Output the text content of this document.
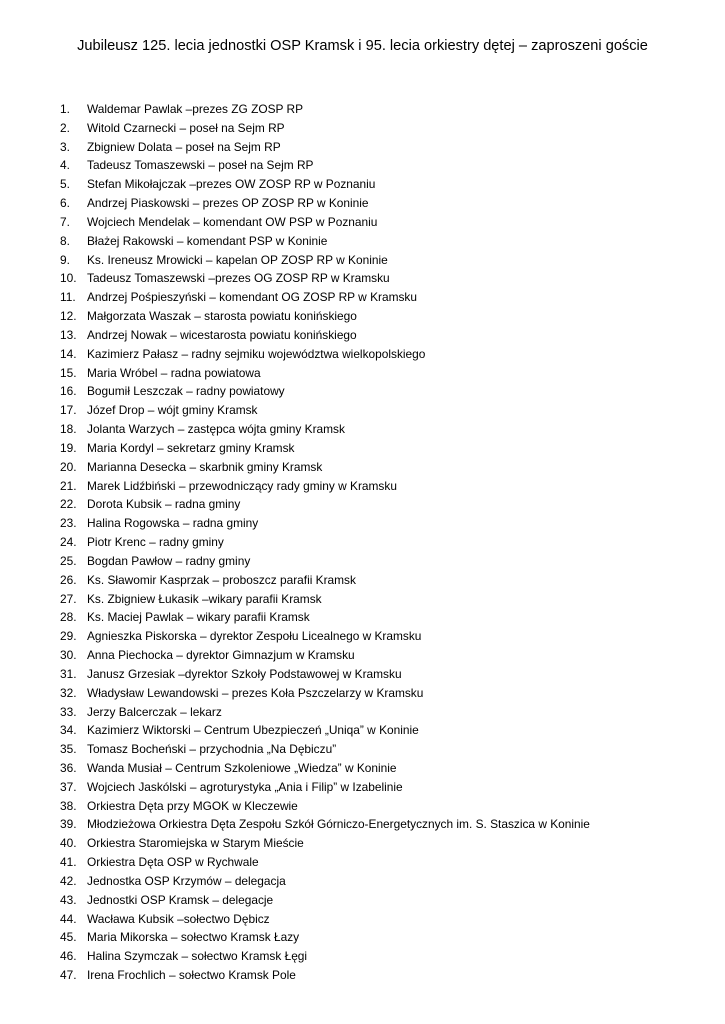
Jubileusz 125. lecia jednostki OSP Kramsk i 95. lecia orkiestry dętej – zaproszeni goście
1.	Waldemar Pawlak –prezes ZG ZOSP RP
2.	Witold Czarnecki – poseł na Sejm RP
3.	Zbigniew Dolata – poseł na Sejm RP
4.	Tadeusz Tomaszewski – poseł na Sejm RP
5.	Stefan Mikołajczak –prezes OW ZOSP RP w Poznaniu
6.	Andrzej Piaskowski – prezes OP ZOSP RP w Koninie
7.	Wojciech Mendelak – komendant OW PSP w Poznaniu
8.	Błażej Rakowski – komendant PSP w Koninie
9.	Ks. Ireneusz Mrowicki – kapelan OP ZOSP RP w Koninie
10. Tadeusz Tomaszewski –prezes OG ZOSP RP w Kramsku
11. Andrzej Pośpieszyński – komendant OG ZOSP RP w Kramsku
12. Małgorzata Waszak – starosta powiatu konińskiego
13. Andrzej Nowak – wicestarosta powiatu konińskiego
14. Kazimierz Pałasz – radny sejmiku województwa wielkopolskiego
15. Maria Wróbel – radna powiatowa
16. Bogumił Leszczak – radny powiatowy
17. Józef Drop – wójt gminy Kramsk
18. Jolanta Warzych – zastępca wójta gminy Kramsk
19. Maria Kordyl – sekretarz gminy Kramsk
20. Marianna Desecka – skarbnik gminy Kramsk
21. Marek Lidźbiński – przewodniczący rady gminy w Kramsku
22. Dorota Kubsik – radna gminy
23. Halina Rogowska – radna gminy
24. Piotr Krenc – radny gminy
25. Bogdan Pawłow – radny gminy
26. Ks. Sławomir Kasprzak – proboszcz parafii Kramsk
27. Ks. Zbigniew Łukasik –wikary parafii Kramsk
28. Ks. Maciej Pawlak – wikary parafii Kramsk
29. Agnieszka Piskorska – dyrektor Zespołu Licealnego w Kramsku
30. Anna Piechocka – dyrektor Gimnazjum w Kramsku
31. Janusz Grzesiak –dyrektor Szkoły Podstawowej w Kramsku
32. Władysław Lewandowski – prezes Koła Pszczelarzy w Kramsku
33. Jerzy Balcerczak – lekarz
34. Kazimierz Wiktorski – Centrum Ubezpieczeń „Uniqa” w Koninie
35. Tomasz Bocheński – przychodnia „Na Dębiczu”
36. Wanda Musiał – Centrum Szkoleniowe „Wiedza” w Koninie
37. Wojciech Jaskólski – agroturystyka „Ania i Filip” w Izabelinie
38. Orkiestra Dęta przy MGOK w Kleczewie
39. Młodzieżowa Orkiestra Dęta Zespołu Szkół Górniczo-Energetycznych im. S. Staszica w Koninie
40. Orkiestra Staromiejska w Starym Mieście
41. Orkiestra Dęta OSP w Rychwale
42. Jednostka OSP Krzymów – delegacja
43. Jednostki OSP Kramsk – delegacje
44. Wacława Kubsik –sołectwo Dębicz
45. Maria Mikorska – sołectwo Kramsk Łazy
46. Halina Szymczak – sołectwo Kramsk Łęgi
47. Irena Frochlich – sołectwo Kramsk Pole
